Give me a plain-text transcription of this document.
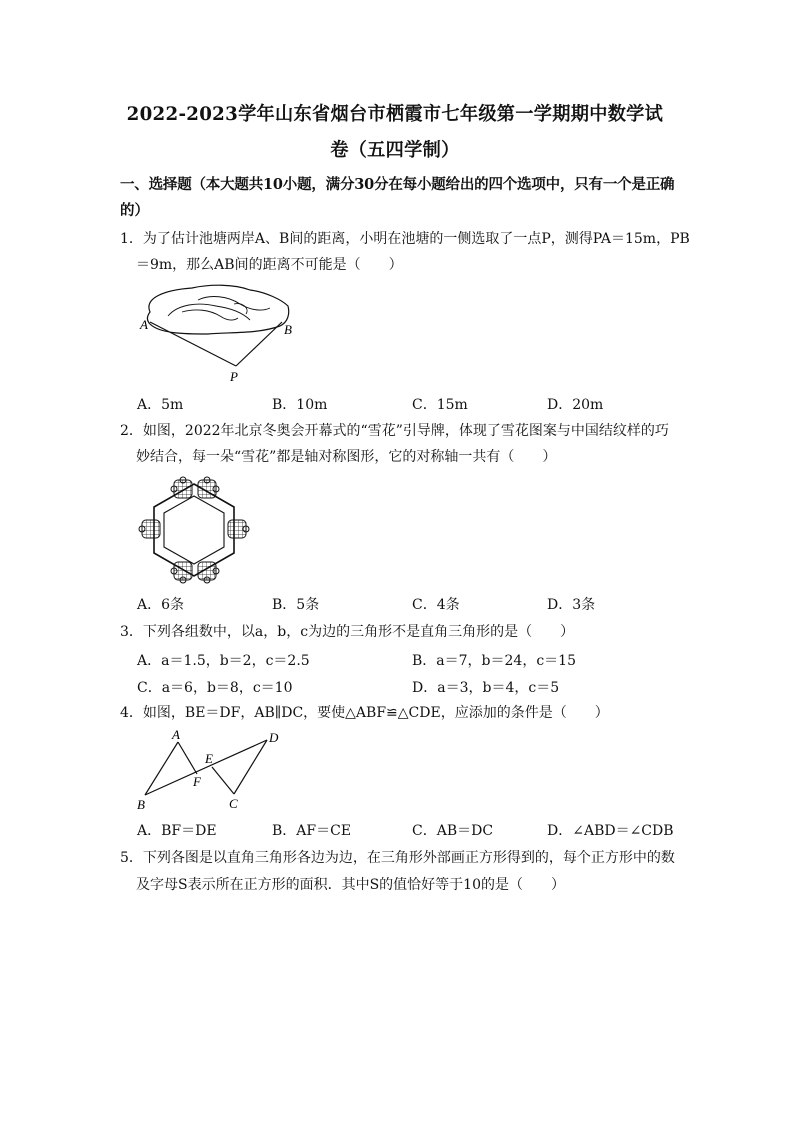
2022-2023学年山东省烟台市栖霞市七年级第一学期期中数学试
卷（五四学制）
一、选择题（本大题共10小题，满分30分在每小题给出的四个选项中，只有一个是正确
的）
1．为了估计池塘两岸A、B间的距离，小明在池塘的一侧选取了一点P，测得PA＝15m，PB
＝9m，那么AB间的距离不可能是（　　）
A	B
P
A．5m	B．10m	C．15m	D．20m
2．如图，2022年北京冬奥会开幕式的“雪花”引导牌，体现了雪花图案与中国结纹样的巧
妙结合，每一朵“雪花”都是轴对称图形，它的对称轴一共有（　　）
A．6条	B．5条	C．4条	D．3条
3．下列各组数中，以a，b，c为边的三角形不是直角三角形的是（　　）
A．a＝1.5，b＝2，c＝2.5	B．a＝7，b＝24，c＝15
C．a＝6，b＝8，c＝10	D．a＝3，b＝4，c＝5
4．如图，BE＝DF，AB∥DC，要使△ABF≌△CDE，应添加的条件是（　　）
A
B	C
D
E
F
A．BF＝DE	B．AF＝CE	C．AB＝DC	D．∠ABD＝∠CDB
5．下列各图是以直角三角形各边为边，在三角形外部画正方形得到的，每个正方形中的数
及字母S表示所在正方形的面积．其中S的值恰好等于10的是（　　）
